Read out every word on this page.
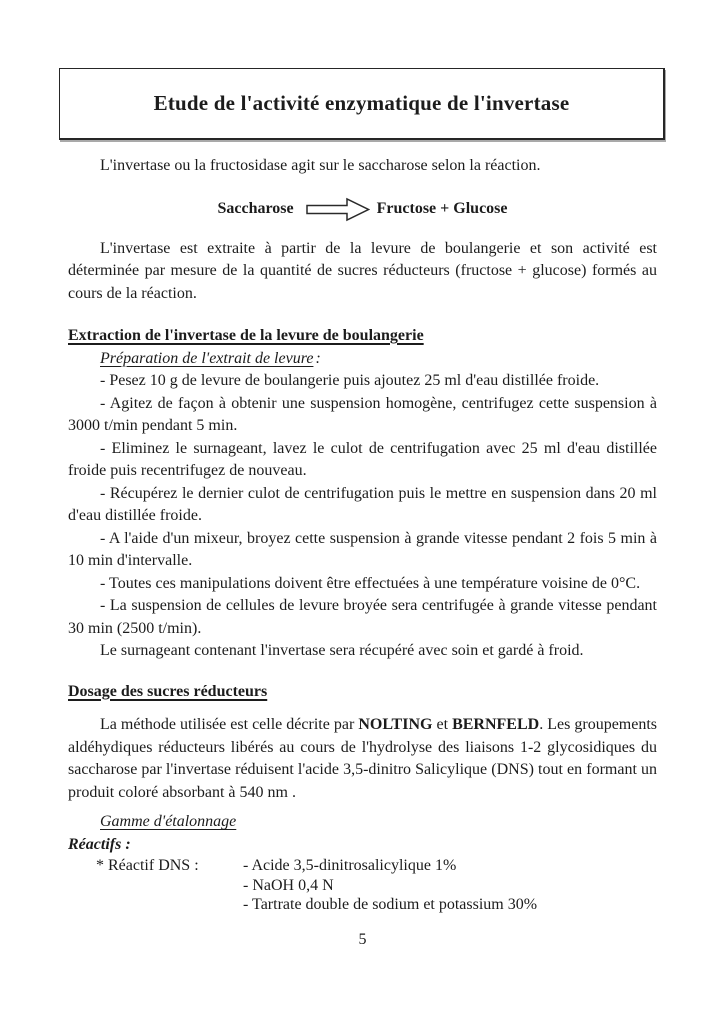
Etude de l'activité enzymatique de l'invertase

L'invertase ou la fructosidase agit sur le saccharose selon la réaction.

Saccharose → Fructose + Glucose

L'invertase est extraite à partir de la levure de boulangerie et son activité est déterminée par mesure de la quantité de sucres réducteurs (fructose + glucose) formés au cours de la réaction.

Extraction de l'invertase de la levure de boulangerie

Préparation de l'extrait de levure :

- Pesez 10 g de levure de boulangerie puis ajoutez 25 ml d'eau distillée froide.

- Agitez de façon à obtenir une suspension homogène, centrifugez cette suspension à 3000 t/min pendant 5 min.

- Eliminez le surnageant, lavez le culot de centrifugation avec 25 ml d'eau distillée froide puis recentrifugez de nouveau.

- Récupérez le dernier culot de centrifugation puis le mettre en suspension dans 20 ml d'eau distillée froide.

- A l'aide d'un mixeur, broyez cette suspension à grande vitesse pendant 2 fois 5 min à 10 min d'intervalle.

- Toutes ces manipulations doivent être effectuées à une température voisine de 0°C.

- La suspension de cellules de levure broyée sera centrifugée à grande vitesse pendant 30 min (2500 t/min).

Le surnageant contenant l'invertase sera récupéré avec soin et gardé à froid.

Dosage des sucres réducteurs

La méthode utilisée est celle décrite par NOLTING et BERNFELD. Les groupements aldéhydiques réducteurs libérés au cours de l'hydrolyse des liaisons 1-2 glycosidiques du saccharose par l'invertase réduisent l'acide 3,5-dinitro Salicylique (DNS) tout en formant un produit coloré absorbant à 540 nm .

Gamme d'étalonnage

Réactifs :

* Réactif DNS :	- Acide 3,5-dinitrosalicylique 1%
- NaOH 0,4 N
- Tartrate double de sodium et potassium 30%

5
